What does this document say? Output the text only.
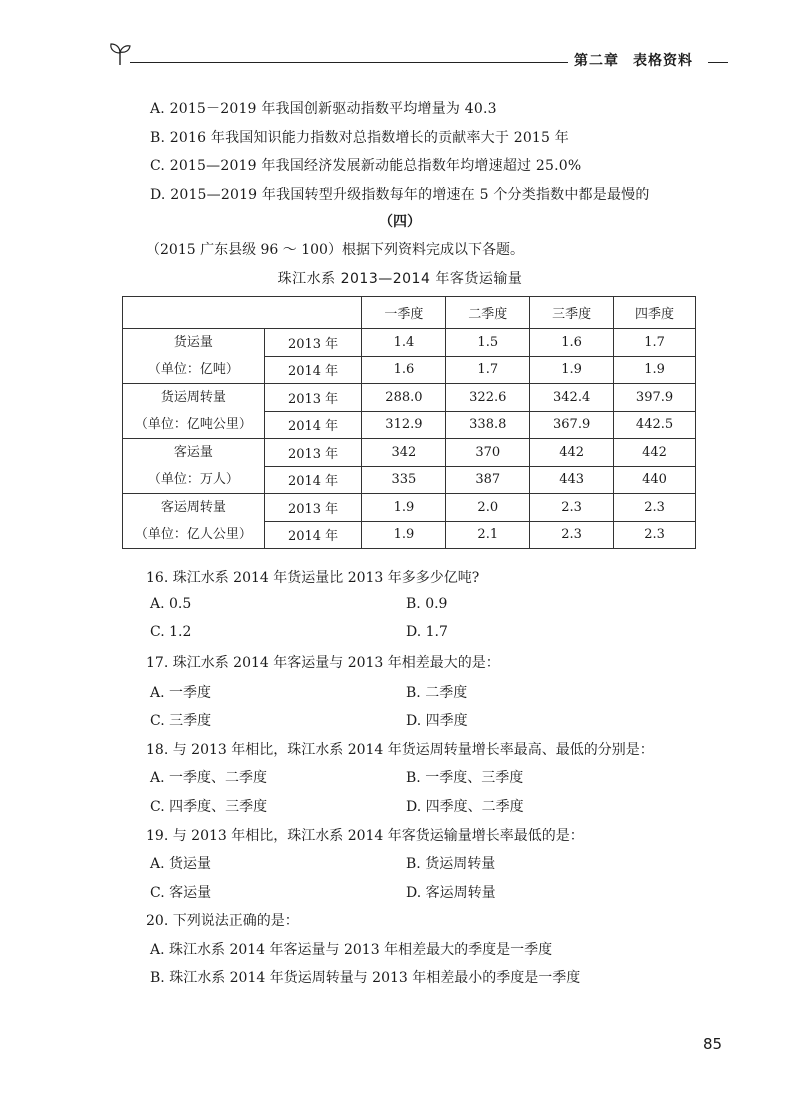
第二章 表格资料
A. 2015－2019 年我国创新驱动指数平均增量为 40.3
B. 2016 年我国知识能力指数对总指数增长的贡献率大于 2015 年
C. 2015—2019 年我国经济发展新动能总指数年均增速超过 25.0%
D. 2015—2019 年我国转型升级指数每年的增速在 5 个分类指数中都是最慢的
（四）
（2015 广东县级 96 ～ 100）根据下列资料完成以下各题。
珠江水系 2013—2014 年客货运输量
		一季度	二季度	三季度	四季度

货运量
（单位：亿吨）	2013 年	1.4	1.5	1.6	1.7
	2014 年	1.6	1.7	1.9	1.9

货运周转量
（单位：亿吨公里）	2013 年	288.0	322.6	342.4	397.9
	2014 年	312.9	338.8	367.9	442.5

客运量
（单位：万人）	2013 年	342	370	442	442
	2014 年	335	387	443	440

客运周转量
（单位：亿人公里）	2013 年	1.9	2.0	2.3	2.3
	2014 年	1.9	2.1	2.3	2.3
16. 珠江水系 2014 年货运量比 2013 年多多少亿吨?
A. 0.5	B. 0.9
C. 1.2	D. 1.7
17. 珠江水系 2014 年客运量与 2013 年相差最大的是：
A. 一季度	B. 二季度
C. 三季度	D. 四季度
18. 与 2013 年相比，珠江水系 2014 年货运周转量增长率最高、最低的分别是：
A. 一季度、二季度	B. 一季度、三季度
C. 四季度、三季度	D. 四季度、二季度
19. 与 2013 年相比，珠江水系 2014 年客货运输量增长率最低的是：
A. 货运量	B. 货运周转量
C. 客运量	D. 客运周转量
20. 下列说法正确的是：
A. 珠江水系 2014 年客运量与 2013 年相差最大的季度是一季度
B. 珠江水系 2014 年货运周转量与 2013 年相差最小的季度是一季度
85
